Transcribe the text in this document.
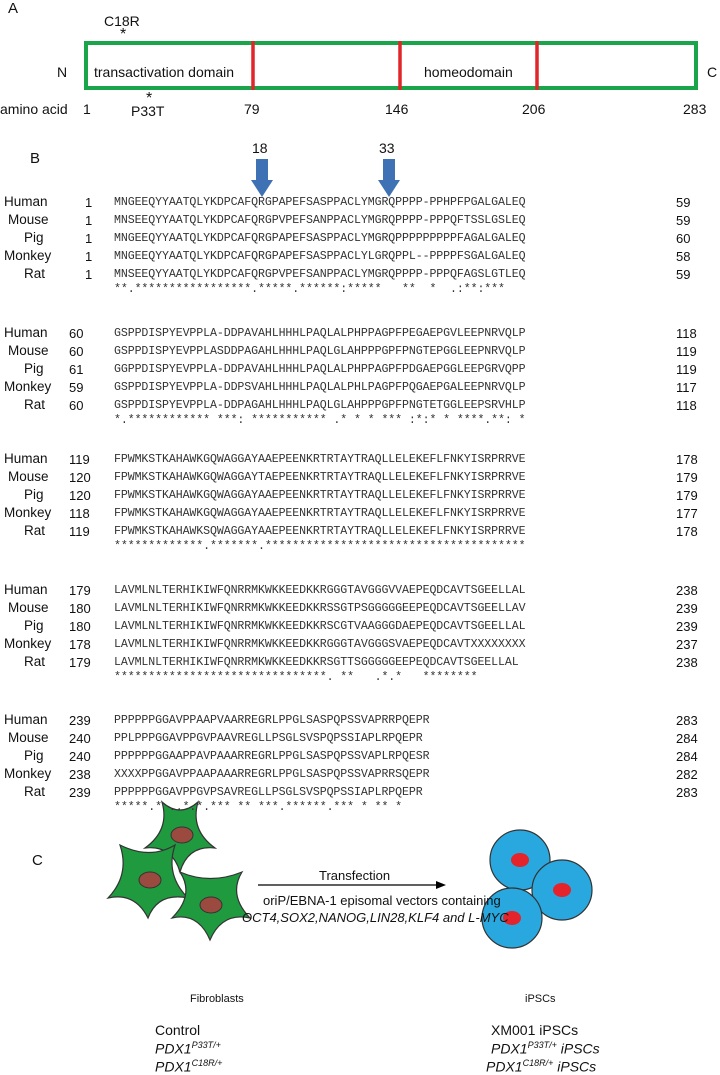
A
C18R
*
N	C
transactivation domain	homeodomain
amino acid 1	79	146	206	283
*
P33T
B
18	33
Human	1 MNGEEQYYAATQLYKDPCAFQRGPAPEFSASPPACLYMGRQPPPP-PPHPFPGALGALEQ	59
Mouse	1 MNSEEQYYAATQLYKDPCAFQRGPVPEFSANPPACLYMGRQPPPP-PPPQFTSSLGSLEQ	59
Pig	1 MNGEEQYYAATQLYKDPCAFQRGPAPEFSASPPACLYMGRQPPPPPPPPPFAGALGALEQ	60
Monkey	1 MNGEEQYYAATQLYKDPCAFQRGPAPEFSASPPACLYLGRQPPL--PPPPFSGALGALEQ	58
Rat	1 MNSEEQYYAATQLYKDPCAFQRGPVPEFSANPPACLYMGRQPPPP-PPPQFAGSLGTLEQ	59
**.*****************.*****.******:*****   **  *  .:**:***
Human 60	GSPPDISPYEVPPLA-DDPAVAHLHHHLPAQLALPHPPAGPFPEGAEPGVLEEPNRVQLP	118
Mouse 60	GSPPDISPYEVPPLASDDPAGAHLHHHLPAQLGLAHPPPGPFPNGTEPGGLEEPNRVQLP	119
Pig 61	GGPPDISPYEVPPLA-DDPAVAHLHHHLPAQLALPHPPAGPFPDGAEPGGLEEPGRVQPP	119
Monkey 59	GSPPDISPYEVPPLA-DDPSVAHLHHHLPAQLALPHLPAGPFPQGAEPGALEEPNRVQLP	117
Rat 60	GSPPDISPYEVPPLA-DDPAGAHLHHHLPAQLGLAHPPPGPFPNGTETGGLEEPSRVHLP	118
*.************ ***: *********** .* * * *** :*:* * ****.**: *
Human 119 FPWMKSTKAHAWKGQWAGGAYAAEPEENKRTRTAYTRAQLLELEKEFLFNKYISRPRRVE	178
Mouse 120 FPWMKSTKAHAWKGQWAGGAYTAEPEENKRTRTAYTRAQLLELEKEFLFNKYISRPRRVE	179
Pig 120 FPWMKSTKAHAWKGQWAGGAYAAEPEENKRTRTAYTRAQLLELEKEFLFNKYISRPRRVE	179
Monkey 118 FPWMKSTKAHAWKGQWAGGAYAAEPEENKRTRTAYTRAQLLELEKEFLFNKYISRPRRVE	177
Rat 119 FPWMKSTKAHAWKSQWAGGAYAAEPEENKRTRTAYTRAQLLELEKEFLFNKYISRPRRVE	178
*************.*******.**************************************
Human 179 LAVMLNLTERHIKIWFQNRRMKWKKEEDKKRGGGTAVGGGVVAEPEQDCAVTSGEELLAL	238
Mouse 180 LAVMLNLTERHIKIWFQNRRMKWKKEEDKKRSSGTPSGGGGGEEPEQDCAVTSGEELLAV	239
Pig 180 LAVMLNLTERHIKIWFQNRRMKWKKEEDKKRSCGTVAAGGGDAEPEQDCAVTSGEELLAL	239
Monkey 178 LAVMLNLTERHIKIWFQNRRMKWKKEEDKKRGGGTAVGGGSVAEPEQDCAVTXXXXXXXX	237
Rat 179 LAVMLNLTERHIKIWFQNRRMKWKKEEDKKRSGTTSGGGGGEEPEQDCAVTSGEELLAL	238
*******************************. **   .*.*   ********
Human 239 PPPPPPGGAVPPAAPVAARREGRLPPGLSASPQPSSVAPRRPQEPR	283
Mouse 240 PPLPPPGGAVPPGVPAAVREGLLPSGLSVSPQPSSIAPLRPQEPR	284
Pig 240 PPPPPPGGAAPPAVPAAARREGRLPPGLSASPQPSSVAPLRPQESR	284
Monkey 238 XXXXPPGGAVPPAAPAAARREGRLPPGLSASPQPSSVAPRRSQEPR	282
Rat 239 PPPPPPGGAVPPGVPSAVREGLLPSGLSVSPQPSSIAPLRPQEPR	283
*****.* ..*.*.*** ** ***.******.*** * ** *
C
Transfection
oriP/EBNA-1 episomal vectors containing
OCT4,SOX2,NANOG,LIN28,KLF4 and L-MYC
Fibroblasts	iPSCs
Control
$PDX1^{P33T/+}$
$PDX1^{C18R/+}$
XM001 iPSCs
$PDX1^{P33T/+}$ iPSCs
$PDX1^{C18R/+}$ iPSCs
